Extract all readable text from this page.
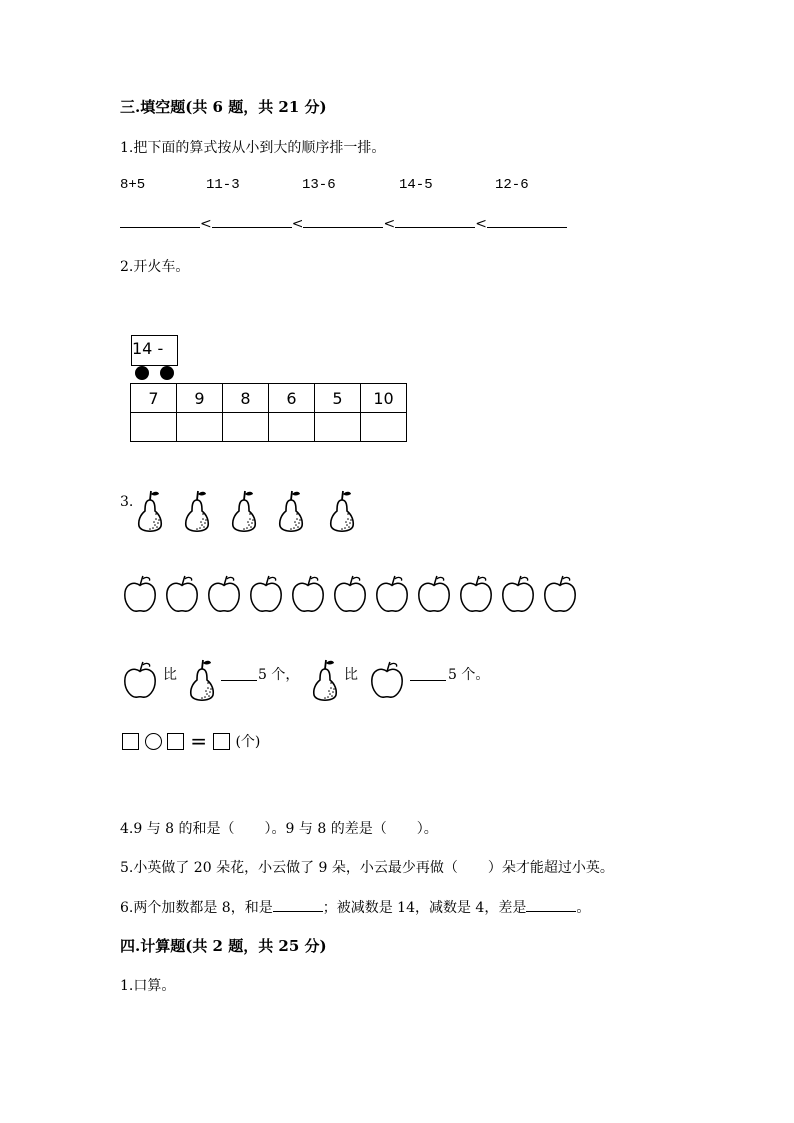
三.填空题(共 6 题，共 21 分)
1.把下面的算式按从小到大的顺序排一排。
8+5	11-3	13-6	14-5	12-6
<	<	<	<
2.开火车。
14 -
7	9	8	6	5	10

3.
比	5 个，	比	5 个。
= (个)
4.9 与 8 的和是（ ）。9 与 8 的差是（ ）。
5.小英做了 20 朵花，小云做了 9 朵，小云最少再做（ ）朵才能超过小英。
6.两个加数都是 8，和是	；被减数是 14，减数是 4，差是	。
四.计算题(共 2 题，共 25 分)
1.口算。
